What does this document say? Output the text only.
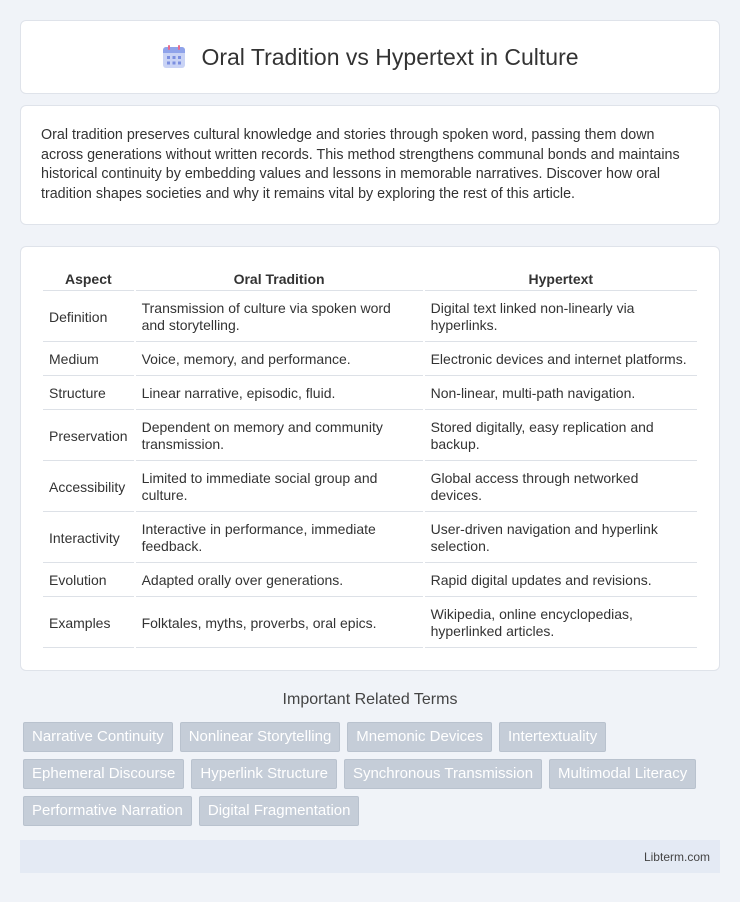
Oral Tradition vs Hypertext in Culture

Oral tradition preserves cultural knowledge and stories through spoken word, passing them down across generations without written records. This method strengthens communal bonds and maintains historical continuity by embedding values and lessons in memorable narratives. Discover how oral tradition shapes societies and why it remains vital by exploring the rest of this article.

Aspect	Oral Tradition	Hypertext
Definition	Transmission of culture via spoken word and storytelling.	Digital text linked non-linearly via hyperlinks.
Medium	Voice, memory, and performance.	Electronic devices and internet platforms.
Structure	Linear narrative, episodic, fluid.	Non-linear, multi-path navigation.
Preservation	Dependent on memory and community transmission.	Stored digitally, easy replication and backup.
Accessibility	Limited to immediate social group and culture.	Global access through networked devices.
Interactivity	Interactive in performance, immediate feedback.	User-driven navigation and hyperlink selection.
Evolution	Adapted orally over generations.	Rapid digital updates and revisions.
Examples	Folktales, myths, proverbs, oral epics.	Wikipedia, online encyclopedias, hyperlinked articles.
Important Related Terms
Narrative Continuity	Nonlinear Storytelling	Mnemonic Devices	Intertextuality
Ephemeral Discourse	Hyperlink Structure	Synchronous Transmission	Multimodal Literacy
Performative Narration	Digital Fragmentation
Libterm.com
